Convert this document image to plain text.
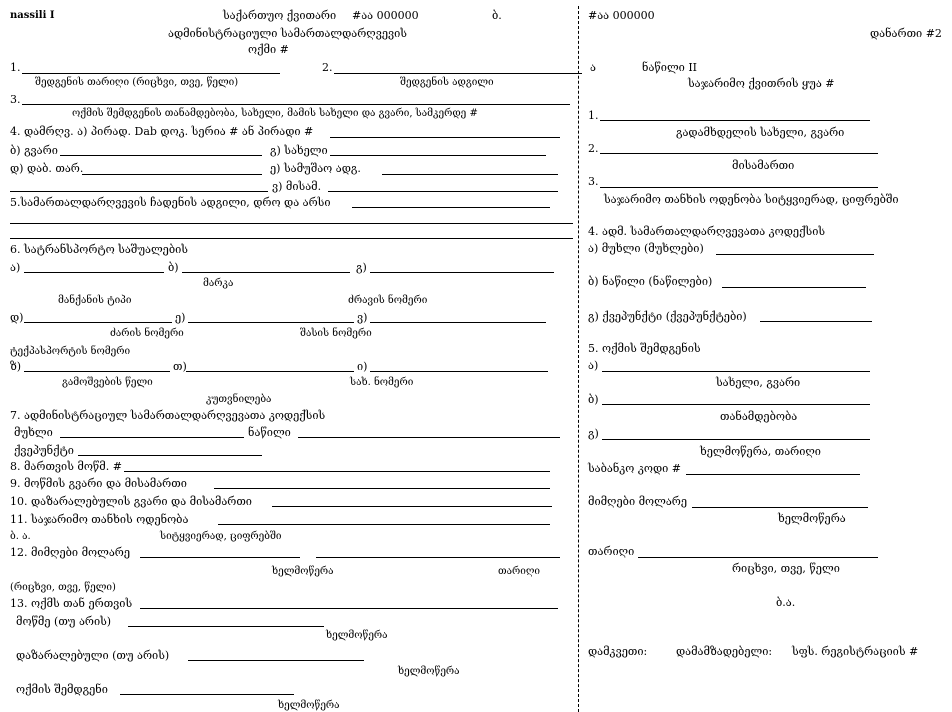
nassili I	საქართუო ქვითარი #აა 000000	ბ.
ადმინისტრაციული სამართალდარღვევის
ოქმი #
1.
შედგენის თარიღი (რიცხვი, თვე, წელი)
2.
შედგენის ადგილი
3.
ოქმის შემდგენის თანამდებობა, სახელი, მამის სახელი და გვარი, სამკერდე #
4. დამრღვ. ა) პირად. Dab დოკ. სერია # ან პირადი #
ბ) გვარი	გ) სახელი
დ) დაბ. თარ.	ე) სამუშაო ადგ.
ვ) მისამ.
5.სამართალდარღვევის ჩადენის ადგილი, დრო და არსი
6. სატრანსპორტო საშუალების
ა)	ბ)	გ)
მარკა
მანქანის ტიპი	ძრავის ნომერი
დ)	ე)	ვ)
ძარის ნომერი	შასის ნომერი
ტექპასპორტის ნომერი
ზ)	თ)	ი)
გამოშვების წელი	სახ. ნომერი
კუთვნილება
7. ადმინისტრაციულ სამართალდარღვევათა კოდექსის
მუხლი	ნაწილი
ქვეპუნქტი
8. მართვის მოწმ. #
9. მოწმის გვარი და მისამართი
10. დაზარალებულის გვარი და მისამართი
11. საჯარიმო თანხის ოდენობა
ბ. ა.	სიტყვიერად, ციფრებში
12. მიმღები მოლარე
ხელმოწერა	თარიღი
(რიცხვი, თვე, წელი)
13. ოქმს თან ერთვის
მოწმე (თუ არის)
ხელმოწერა
დაზარალებული (თუ არის)
ხელმოწერა
ოქმის შემდგენი
ხელმოწერა
#აა 000000
დანართი #2
ა	ნაწილი II
საჯარიმო ქვითრის ყუა #
1.
გადამხდელის სახელი, გვარი
2.
მისამართი
3.
საჯარიმო თანხის ოდენობა სიტყვიერად, ციფრებში
4. ადმ. სამართალდარღვევათა კოდექსის
ა) მუხლი (მუხლები)
ბ) ნაწილი (ნაწილები)
გ) ქვეპუნქტი (ქვეპუნქტები)
5. ოქმის შემდგენის
ა)
სახელი, გვარი
ბ)
თანამდებობა
გ)
ხელმოწერა, თარიღი
საბანკო კოდი #
მიმღები მოლარე
ხელმოწერა
თარიღი
რიცხვი, თვე, წელი
ბ.ა.
დამკვეთი:	დამამზადებელი: სფს. რეგისტრაციის #
